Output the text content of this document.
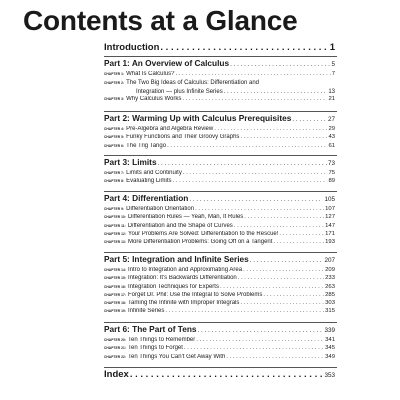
Contents at a Glance
Introduction . . .	1
Part 1: An Overview of Calculus . . .	5
CHAPTER 1: What Is Calculus? . . .	7
CHAPTER 2: The Two Big Ideas of Calculus: Differentiation and
Integration — plus Infinite Series . . .	13
CHAPTER 3: Why Calculus Works . . .	21
Part 2: Warming Up with Calculus Prerequisites . . .	27
CHAPTER 4: Pre-Algebra and Algebra Review . . .	29
CHAPTER 5: Funky Functions and Their Groovy Graphs . . .	43
CHAPTER 6: The Trig Tango . . .	61
Part 3: Limits . . .	73
CHAPTER 7: Limits and Continuity . . .	75
CHAPTER 8: Evaluating Limits . . .	89
Part 4: Differentiation . . .	105
CHAPTER 9: Differentiation Orientation . . .	107
CHAPTER 10: Differentiation Rules — Yeah, Man, It Rules . . .	127
CHAPTER 11: Differentiation and the Shape of Curves . . .	147
CHAPTER 12: Your Problems Are Solved: Differentiation to the Rescue! . . .	171
CHAPTER 13: More Differentiation Problems: Going Off on a Tangent . . .	193
Part 5: Integration and Infinite Series . . .	207
CHAPTER 14: Intro to Integration and Approximating Area . . .	209
CHAPTER 15: Integration: It's Backwards Differentiation . . .	233
CHAPTER 16: Integration Techniques for Experts . . .	263
CHAPTER 17: Forget Dr. Phil: Use the Integral to Solve Problems . . .	285
CHAPTER 18: Taming the Infinite with Improper Integrals . . .	303
CHAPTER 19: Infinite Series . . .	315
Part 6: The Part of Tens . . .	339
CHAPTER 20: Ten Things to Remember . . .	341
CHAPTER 21: Ten Things to Forget . . .	345
CHAPTER 22: Ten Things You Can't Get Away With . . .	349
Index . . .	353
